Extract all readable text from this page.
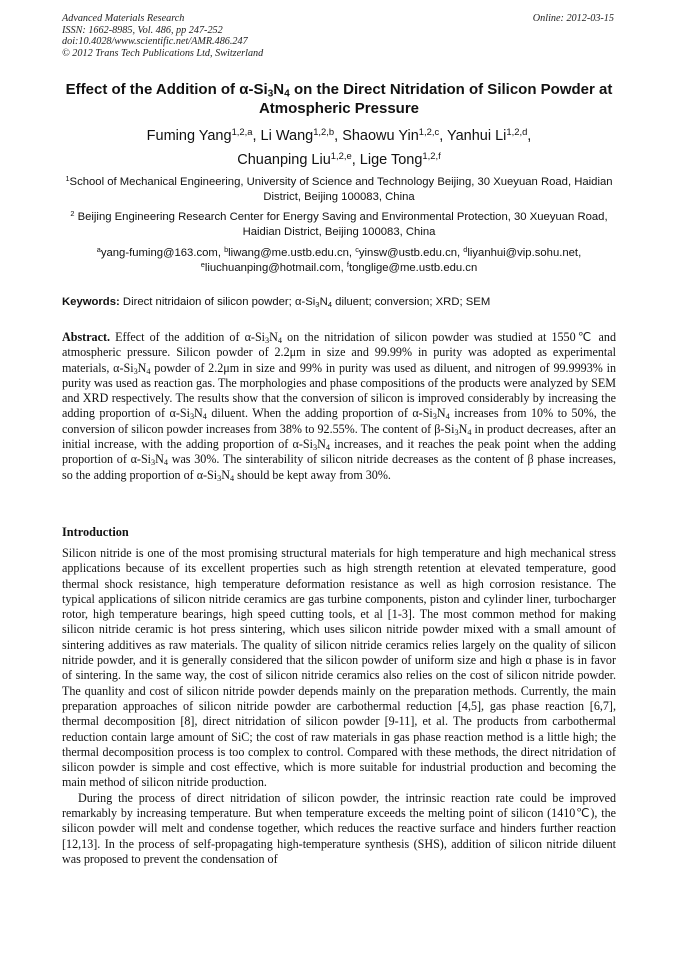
Advanced Materials Research
ISSN: 1662-8985, Vol. 486, pp 247-252
doi:10.4028/www.scientific.net/AMR.486.247
© 2012 Trans Tech Publications Ltd, Switzerland
Online: 2012-03-15
Effect of the Addition of $\alpha-Si_3N_4$ on the Direct Nitridation of Silicon Powder at Atmospheric Pressure
Fuming Yang$^{1,2,a}$, Li Wang$^{1,2,b}$, Shaowu Yin$^{1,2,c}$, Yanhui Li$^{1,2,d}$,
Chuanping Liu$^{1,2,e}$, Lige Tong$^{1,2,f}$
$^1$School of Mechanical Engineering, University of Science and Technology Beijing, 30 Xueyuan Road, Haidian District, Beijing 100083, China
$^2$ Beijing Engineering Research Center for Energy Saving and Environmental Protection, 30 Xueyuan Road, Haidian District, Beijing 100083, China
$^a$yang-fuming@163.com, $^b$liwang@me.ustb.edu.cn, $^c$yinsw@ustb.edu.cn, $^d$liyanhui@vip.sohu.net,
$^e$liuchuanping@hotmail.com, $^f$tonglige@me.ustb.edu.cn
Keywords: Direct nitridaion of silicon powder; $\alpha-Si_3N_4$ diluent; conversion; XRD; SEM
Abstract. Effect of the addition of $\alpha-Si_3N_4$ on the nitridation of silicon powder was studied at 1550℃ and atmospheric pressure. Silicon powder of 2.2μm in size and 99.99% in purity was adopted as experimental materials, $\alpha-Si_3N_4$ powder of 2.2μm in size and 99% in purity was used as diluent, and nitrogen of 99.9993% in purity was used as reaction gas. The morphologies and phase compositions of the products were analyzed by SEM and XRD respectively. The results show that the conversion of silicon is improved considerably by increasing the adding proportion of $\alpha-Si_3N_4$ diluent. When the adding proportion of $\alpha-Si_3N_4$ increases from 10% to 50%, the conversion of silicon powder increases from 38% to 92.55%. The content of $\beta-Si_3N_4$ in product decreases, after an initial increase, with the adding proportion of $\alpha-Si_3N_4$ increases, and it reaches the peak point when the adding proportion of $\alpha-Si_3N_4$ was 30%. The sinterability of silicon nitride decreases as the content of β phase increases, so the adding proportion of $\alpha-Si_3N_4$ should be kept away from 30%.
Introduction

Silicon nitride is one of the most promising structural materials for high temperature and high mechanical stress applications because of its excellent properties such as high strength retention at elevated temperature, good thermal shock resistance, high temperature deformation resistance as well as high corrosion resistance. The typical applications of silicon nitride ceramics are gas turbine components, piston and cylinder liner, turbocharger rotor, high temperature bearings, high speed cutting tools, et al [1-3]. The most common method for making silicon nitride ceramic is hot press sintering, which uses silicon nitride powder mixed with a small amount of sintering additives as raw materials. The quality of silicon nitride ceramics relies largely on the quality of silicon nitride powder, and it is generally considered that the silicon powder of uniform size and high α phase is in favor of sintering. In the same way, the cost of silicon nitride ceramics also relies on the cost of silicon nitride powder. The quanlity and cost of silicon nitride powder depends mainly on the preparation methods. Currently, the main preparation approaches of silicon nitride powder are carbothermal reduction [4,5], gas phase reaction [6,7], thermal decomposition [8], direct nitridation of silicon powder [9-11], et al. The products from carbothermal reduction contain large amount of SiC; the cost of raw materials in gas phase reaction method is a little high; the thermal decomposition process is too complex to control. Compared with these methods, the direct nitridation of silicon powder is simple and cost effective, which is more suitable for industrial production and becoming the main method of silicon nitride production.

During the process of direct nitridation of silicon powder, the intrinsic reaction rate could be improved remarkably by increasing temperature. But when temperature exceeds the melting point of silicon (1410℃), the silicon powder will melt and condense together, which reduces the reactive surface and hinders further reaction [12,13]. In the process of self-propagating high-temperature synthesis (SHS), addition of silicon nitride diluent was proposed to prevent the condensation of
